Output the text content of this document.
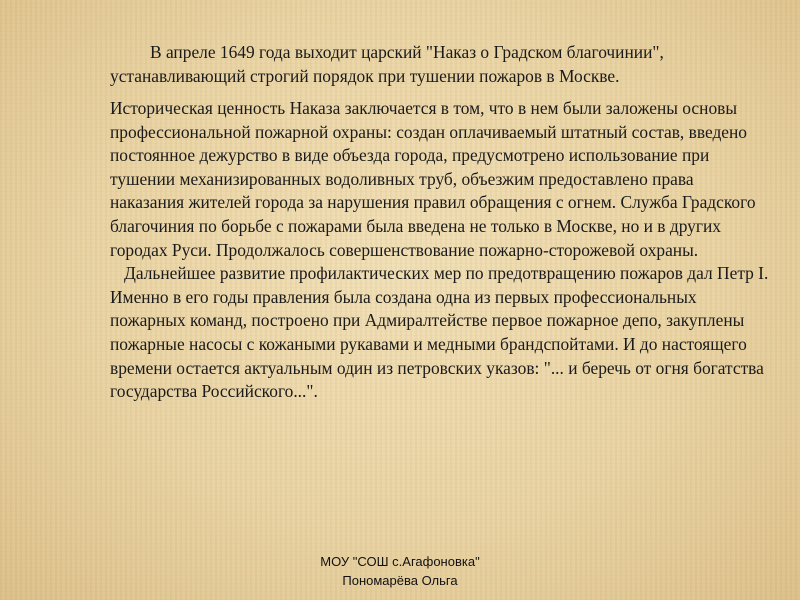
В апреле 1649 года выходит царский "Наказ о Градском благочинии", устанавливающий строгий порядок при тушении пожаров в Москве.

Историческая ценность Наказа заключается в том, что в нем были заложены основы профессиональной пожарной охраны: создан оплачиваемый штатный состав, введено постоянное дежурство в виде объезда города, предусмотрено использование при тушении механизированных водоливных труб, объезжим предоставлено права наказания жителей города за нарушения правил обращения с огнем. Служба Градского благочиния по борьбе с пожарами была введена не только в Москве, но и в других городах Руси. Продолжалось совершенствование пожарно-сторожевой охраны.

Дальнейшее развитие профилактических мер по предотвращению пожаров дал Петр I. Именно в его годы правления была создана одна из первых профессиональных пожарных команд, построено при Адмиралтействе первое пожарное депо, закуплены пожарные насосы с кожаными рукавами и медными брандспойтами. И до настоящего времени остается актуальным один из петровских указов: "... и беречь от огня богатства государства Российского...".

МОУ "СОШ с.Агафоновка"
Пономарёва Ольга
